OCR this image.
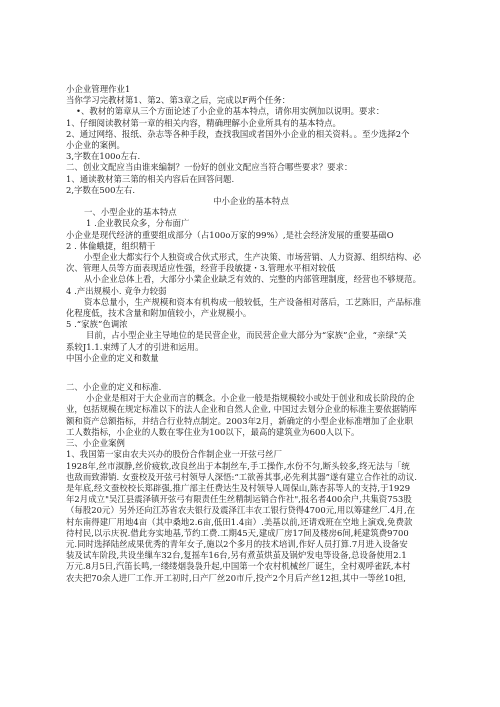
小企业管理作业1
当你学习完教材第1、第2、第3章之后，完成以F两个任务：
•、教材的第章从三个方面论述了小企业的基本特点，请你用实例加以说明。要求：
1、仔细阅读教材第一章的相关内容，精确理解小企业所具有的基本特点。
2、通过网络、报纸、杂志等各种手段，查找我国或者国外小企业的相关资料。。至少选择2个
小企业的案例。
3,字数在100o左右.
二、创业文配应当由谁来编制？一份好的创业文配应当符合哪些要求？要求：
1、通读教材第三第的相关内容后在回答问题.
2,字数在500左右.
中小企业的基本特点
一、小型企业的基本特点
1 .企业教民众多，分布面广
小企业是现代经济的重要组成部分（占100o万家的99%）,是社会经济发展的重要基础O
2 . 体倫蛾捷，组织精干
小型企业大都实行个人独资或合伙式形式，生产决策、市场营销、人力资源、组织结构、必
次、管理人员等方面表现适应性强，经营手段敏捷・3.管理水平相对较低
从小企业总体上看，大部分小業企业缺乏有效的、完整的内部管理制度，经营也不够规范。
4 .产出规模小. 竟争力较弱
资本总量小，生产规模和资本有机构成一般较低，生产设备相对落后，工艺陈旧，产品标准
化程度低，技术含量和附加值较小，产业规模小。
5 .“家族”色调浓
目前，占小型企业主导地位的是民营企业，而民营企业大部分为“家族”企业，“亲绿”关
系较J1.1.束缚了人才的引进和运用。
中国小企业的定义和数量
二、小企业的定义和标准.
小企业是相对于大企业而言的概念。小企业一般是指规模较小或处于创业和成长阶段的企
业，包括规模在规定标准以下的法人企业和自然人企业, 中国过去划分企业的标准主要依据销库
额和资产总额指标，并结合行业特点制定。2003年2月，新确定的小型企业标准增加了企业职
工人数指标，小企业的人数在零住业为100以下，最高的建筑业为600人以下。
三、小企业案例
1、我国第一家由农夫兴办的股份合作制企业一开弦弓丝厂
1928年,丝市淑静,丝价疲软,改良丝出于本制丝车,手工操作,水份不匀,断头较多,终无法与「统
也敌而致滞销. 女蚕校及开弦弓村领导人深悟:“工欲善其事,必先利其器”遂有建立合作社的动议.
是年底,经文蚕校校长郑辟强,推广部主任费达生及村领导人周保山,陈杏荪等人的支持,于1929
年2月成立"吴江县震泽镇开弦弓有限责任生丝精制运销合作社",报名者400余户,共集资753股
（每股20元）另外还向江苏省农夫银行及震泽江丰农工银行贷得4700元,用以筹建丝厂.4月,在
村东南得建厂用地4亩（其中桑地2.6亩,低田1.4亩）.美基以前,还请戏班在空地上演戏,免费款
待村民,以示庆祝.借此夯实地基,节约工费.工期45天,建成厂房17间及楼房6间,耗建筑费9700
元.同时选择陆丝成果优秀的青年女子,施以2个多月的技术培训,作好人员打算.7月进入设备安
装及试车阶段,共设坐缫车32台,复摇车16台,另有煮茧烘茧及锅炉发电等设备,总设备使用2.1
万元.8月5日,汽笛长鸣,一缕缕烟袅袅升起,中国第一个农村机械丝厂诞生，全村观呼雀跃,本村
农夫把70余人进厂工作.开工初时,日产厂丝20市斤,投产2个月后产丝12担,其中一等丝10担,
